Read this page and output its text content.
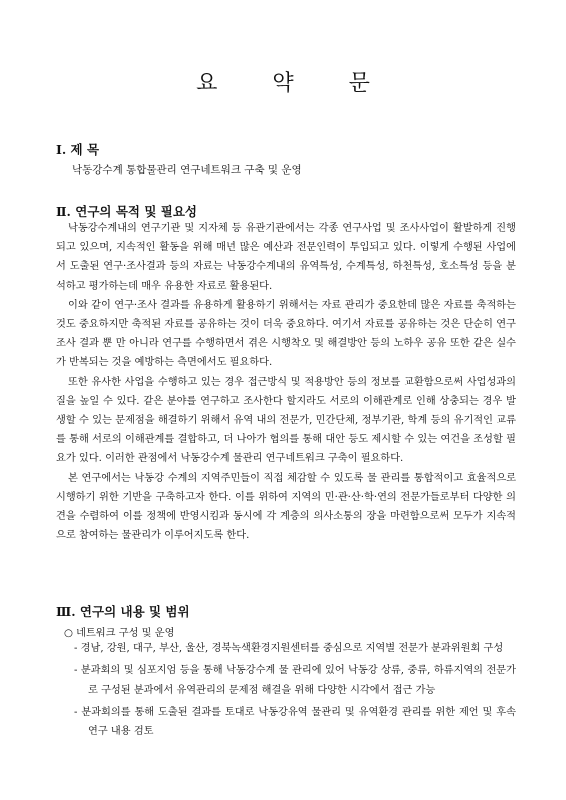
요	약	문
Ⅰ. 제 목
낙동강수계 통합물관리 연구네트워크 구축 및 운영
Ⅱ. 연구의 목적 및 필요성

낙동강수계내의 연구기관 및 지자체 등 유관기관에서는 각종 연구사업 및 조사사업이 활발하게 진행되고 있으며, 지속적인 활동을 위해 매년 많은 예산과 전문인력이 투입되고 있다. 이렇게 수행된 사업에서 도출된 연구·조사결과 등의 자료는 낙동강수계내의 유역특성, 수계특성, 하천특성, 호소특성 등을 분석하고 평가하는데 매우 유용한 자료로 활용된다.

이와 같이 연구·조사 결과를 유용하게 활용하기 위해서는 자료 관리가 중요한데 많은 자료를 축적하는 것도 중요하지만 축적된 자료를 공유하는 것이 더욱 중요하다. 여기서 자료를 공유하는 것은 단순히 연구조사 결과 뿐 만 아니라 연구를 수행하면서 겪은 시행착오 및 해결방안 등의 노하우 공유 또한 같은 실수가 반복되는 것을 예방하는 측면에서도 필요하다.

또한 유사한 사업을 수행하고 있는 경우 접근방식 및 적용방안 등의 정보를 교환함으로써 사업성과의 질을 높일 수 있다. 같은 분야를 연구하고 조사한다 할지라도 서로의 이해관계로 인해 상충되는 경우 발생할 수 있는 문제점을 해결하기 위해서 유역 내의 전문가, 민간단체, 정부기관, 학계 등의 유기적인 교류를 통해 서로의 이해관계를 결합하고, 더 나아가 협의를 통해 대안 등도 제시할 수 있는 여건을 조성할 필요가 있다. 이러한 관점에서 낙동강수계 물관리 연구네트워크 구축이 필요하다.

본 연구에서는 낙동강 수계의 지역주민들이 직접 체감할 수 있도록 물 관리를 통합적이고 효율적으로 시행하기 위한 기반을 구축하고자 한다. 이를 위하여 지역의 민·관·산·학·연의 전문가들로부터 다양한 의견을 수렴하여 이를 정책에 반영시킴과 동시에 각 계층의 의사소통의 장을 마련함으로써 모두가 지속적으로 참여하는 물관리가 이루어지도록 한다.

Ⅲ. 연구의 내용 및 범위
○ 네트워크 구성 및 운영

- 경남, 강원, 대구, 부산, 울산, 경북녹색환경지원센터를 중심으로 지역별 전문가 분과위원회 구성

- 분과회의 및 심포지엄 등을 통해 낙동강수계 물 관리에 있어 낙동강 상류, 중류, 하류지역의 전문가로 구성된 분과에서 유역관리의 문제점 해결을 위해 다양한 시각에서 접근 가능

- 분과회의를 통해 도출된 결과를 토대로 낙동강유역 물관리 및 유역환경 관리를 위한 제언 및 후속연구 내용 검토
